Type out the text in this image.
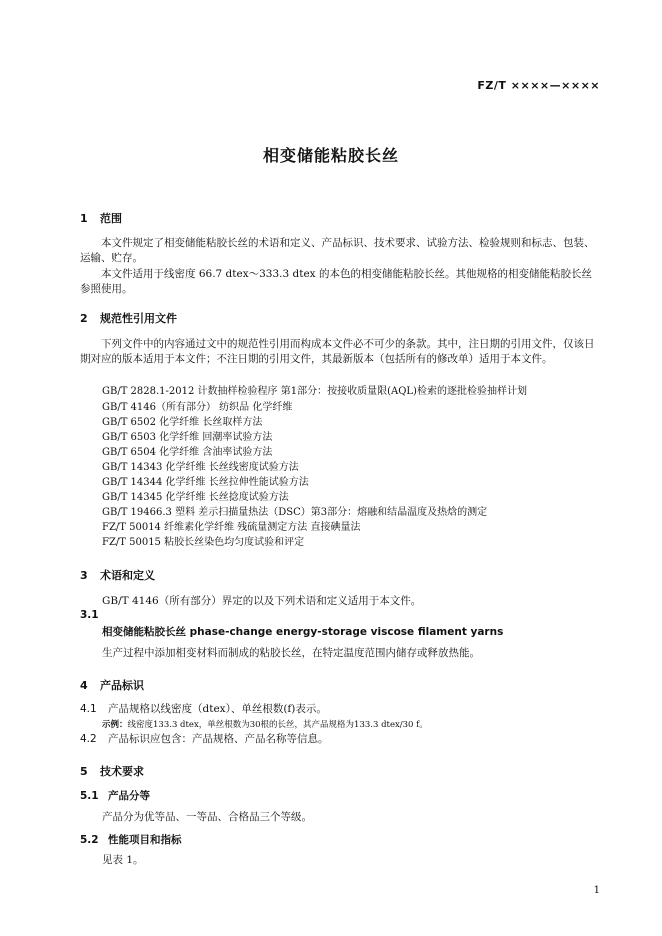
FZ/T ××××—××××
相变储能粘胶长丝
1 范围
本文件规定了相变储能粘胶长丝的术语和定义、产品标识、技术要求、试验方法、检验规则和标志、包装、运输、贮存。
本文件适用于线密度 66.7 dtex～333.3 dtex 的本色的相变储能粘胶长丝。其他规格的相变储能粘胶长丝参照使用。
2 规范性引用文件
下列文件中的内容通过文中的规范性引用而构成本文件必不可少的条款。其中，注日期的引用文件，仅该日期对应的版本适用于本文件；不注日期的引用文件，其最新版本（包括所有的修改单）适用于本文件。
GB/T 2828.1-2012 计数抽样检验程序 第1部分：按接收质量限(AQL)检索的逐批检验抽样计划
GB/T 4146（所有部分） 纺织品 化学纤维
GB/T 6502 化学纤维 长丝取样方法
GB/T 6503 化学纤维 回潮率试验方法
GB/T 6504 化学纤维 含油率试验方法
GB/T 14343 化学纤维 长丝线密度试验方法
GB/T 14344 化学纤维 长丝拉伸性能试验方法
GB/T 14345 化学纤维 长丝捻度试验方法
GB/T 19466.3 塑料 差示扫描量热法（DSC）第3部分：熔融和结晶温度及热焓的测定
FZ/T 50014 纤维素化学纤维 残硫量测定方法 直接碘量法
FZ/T 50015 粘胶长丝染色均匀度试验和评定
3 术语和定义
GB/T 4146（所有部分）界定的以及下列术语和定义适用于本文件。
3.1
相变储能粘胶长丝 phase-change energy-storage viscose filament yarns
生产过程中添加相变材料而制成的粘胶长丝，在特定温度范围内储存或释放热能。
4 产品标识
4.1 产品规格以线密度（dtex）、单丝根数(f)表示。
示例：线密度133.3 dtex，单丝根数为30根的长丝，其产品规格为133.3 dtex/30 f。
4.2 产品标识应包含：产品规格、产品名称等信息。
5 技术要求
5.1 产品分等
产品分为优等品、一等品、合格品三个等级。
5.2 性能项目和指标
见表 1。
1
